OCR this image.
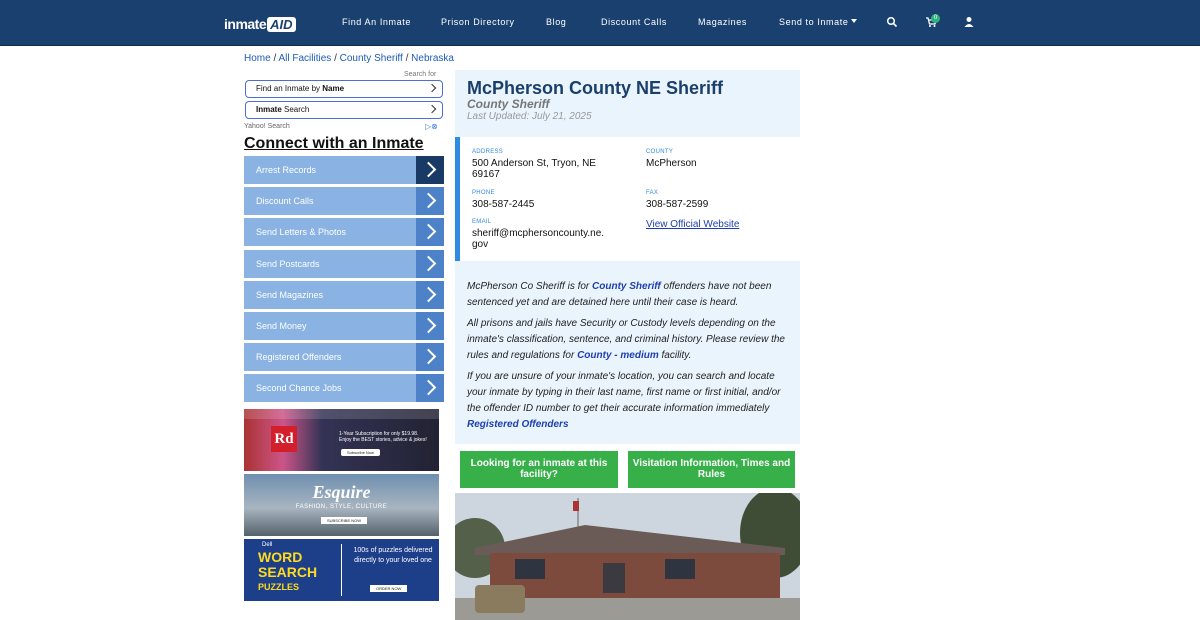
inmate AID	Find An Inmate	Prison Directory	Blog	Discount Calls	Magazines	Send to Inmate	0
Home / All Facilities / County Sheriff / Nebraska
Search for
Find an Inmate by Name
Inmate Search
Yahoo! Search	▷⊗
Connect with an Inmate
Arrest Records
Discount Calls
Send Letters & Photos
Send Postcards
Send Magazines
Send Money
Registered Offenders
Second Chance Jobs
Rd	1-Year Subscription for only $19.98. Enjoy the BEST stories, advice & jokes!
Subscribe Now
Esquire
FASHION, STYLE, CULTURE
SUBSCRIBE NOW
Dell
WORD
SEARCH
PUZZLES
100s of puzzles delivered directly to your loved one
ORDER NOW
McPherson County NE Sheriff
County Sheriff
Last Updated: July 21, 2025
ADDRESS
500 Anderson St, Tryon, NE 69167
COUNTY
McPherson
PHONE
308-587-2445
FAX
308-587-2599
EMAIL
sheriff@mcphersoncounty.ne.gov
View Official Website

McPherson Co Sheriff is for County Sheriff offenders have not been sentenced yet and are detained here until their case is heard.

All prisons and jails have Security or Custody levels depending on the inmate's classification, sentence, and criminal history. Please review the rules and regulations for County - medium facility.

If you are unsure of your inmate's location, you can search and locate your inmate by typing in their last name, first name or first initial, and/or the offender ID number to get their accurate information immediately Registered Offenders

Looking for an inmate at this facility?
Visitation Information, Times and Rules
